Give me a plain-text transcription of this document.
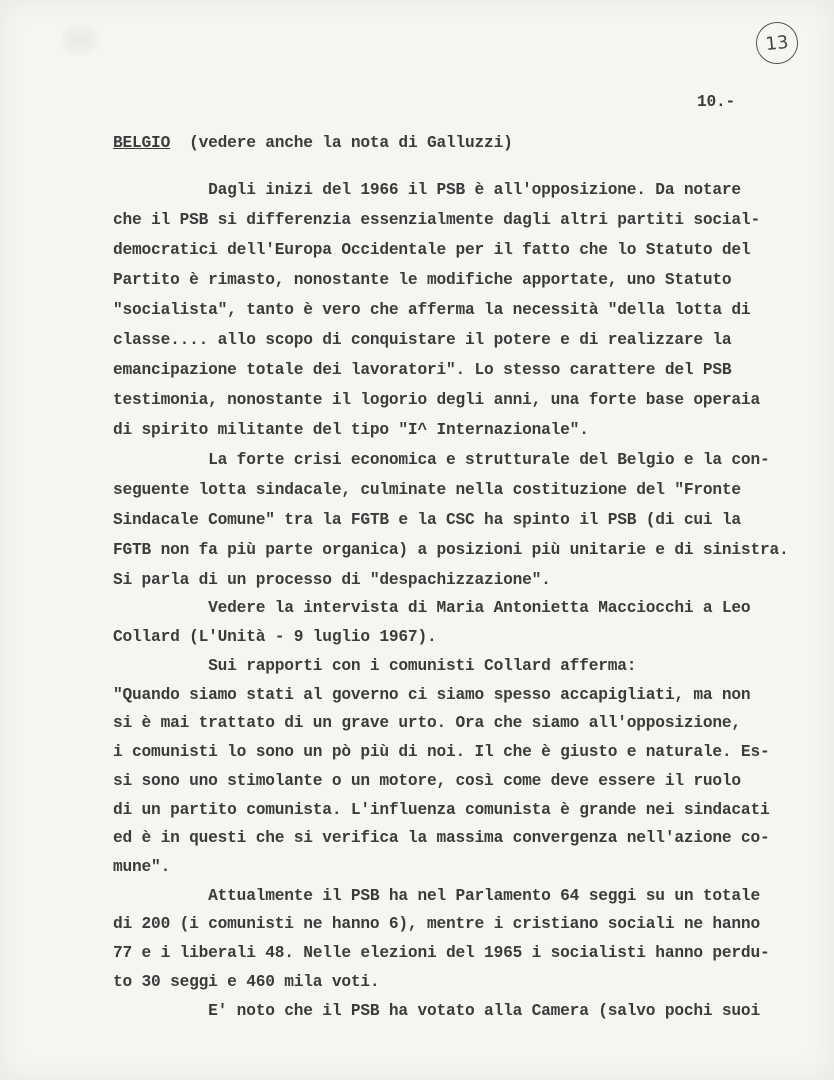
13
10.-
BELGIO (vedere anche la nota di Galluzzi)
Dagli inizi del 1966 il PSB è all'opposizione. Da notare
che il PSB si differenzia essenzialmente dagli altri partiti social-
democratici dell'Europa Occidentale per il fatto che lo Statuto del
Partito è rimasto, nonostante le modifiche apportate, uno Statuto
"socialista", tanto è vero che afferma la necessità "della lotta di
classe.... allo scopo di conquistare il potere e di realizzare la
emancipazione totale dei lavoratori". Lo stesso carattere del PSB
testimonia, nonostante il logorio degli anni, una forte base operaia
di spirito militante del tipo "I^ Internazionale".
La forte crisi economica e strutturale del Belgio e la con-
seguente lotta sindacale, culminate nella costituzione del "Fronte
Sindacale Comune" tra la FGTB e la CSC ha spinto il PSB (di cui la
FGTB non fa più parte organica) a posizioni più unitarie e di sinistra.
Si parla di un processo di "despachizzazione".
Vedere la intervista di Maria Antonietta Macciocchi a Leo
Collard (L'Unità - 9 luglio 1967).
Sui rapporti con i comunisti Collard afferma:
"Quando siamo stati al governo ci siamo spesso accapigliati, ma non
si è mai trattato di un grave urto. Ora che siamo all'opposizione,
i comunisti lo sono un pò più di noi. Il che è giusto e naturale. Es-
si sono uno stimolante o un motore, così come deve essere il ruolo
di un partito comunista. L'influenza comunista è grande nei sindacati
ed è in questi che si verifica la massima convergenza nell'azione co-
mune".
Attualmente il PSB ha nel Parlamento 64 seggi su un totale
di 200 (i comunisti ne hanno 6), mentre i cristiano sociali ne hanno
77 e i liberali 48. Nelle elezioni del 1965 i socialisti hanno perdu-
to 30 seggi e 460 mila voti.
E' noto che il PSB ha votato alla Camera (salvo pochi suoi
